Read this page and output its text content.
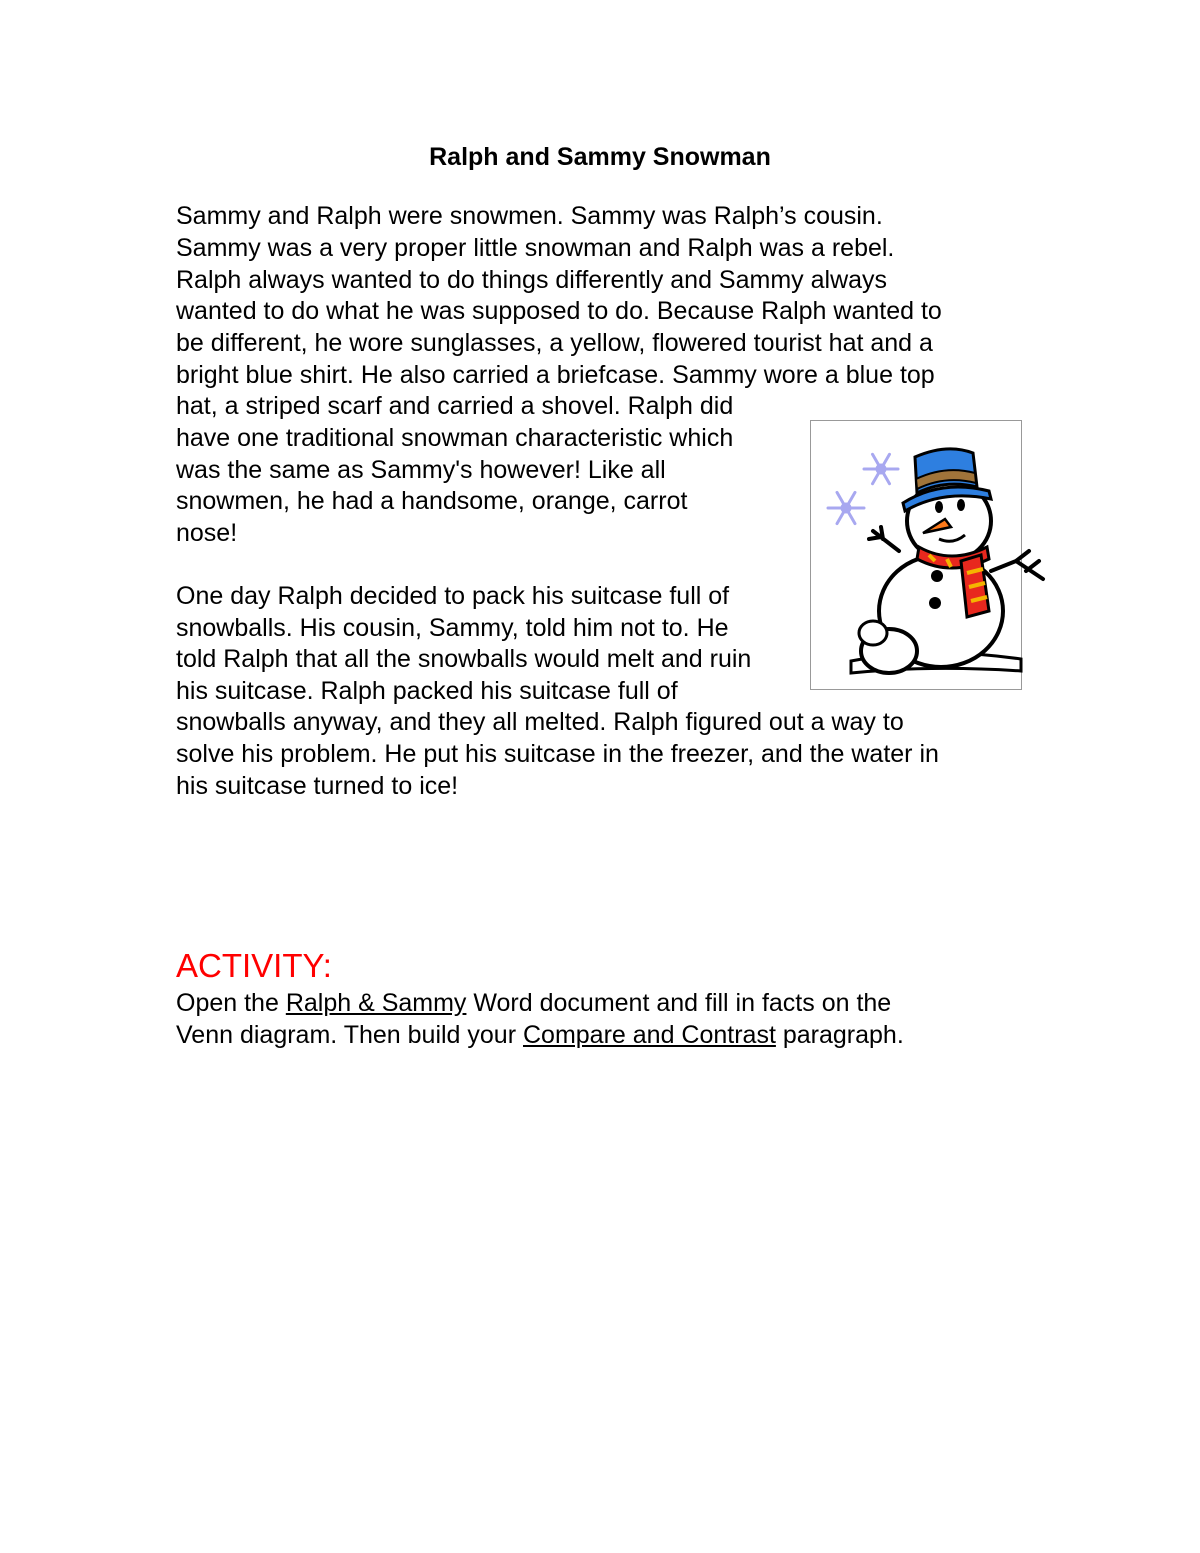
Ralph and Sammy Snowman
Sammy and Ralph were snowmen. Sammy was Ralph’s cousin.
Sammy was a very proper little snowman and Ralph was a rebel.
Ralph always wanted to do things differently and Sammy always
wanted to do what he was supposed to do. Because Ralph wanted to
be different, he wore sunglasses, a yellow, flowered tourist hat and a
bright blue shirt. He also carried a briefcase. Sammy wore a blue top
hat, a striped scarf and carried a shovel. Ralph did
have one traditional snowman characteristic which
was the same as Sammy's however! Like all
snowmen, he had a handsome, orange, carrot
nose!
One day Ralph decided to pack his suitcase full of
snowballs. His cousin, Sammy, told him not to. He
told Ralph that all the snowballs would melt and ruin
his suitcase. Ralph packed his suitcase full of
snowballs anyway, and they all melted. Ralph figured out a way to
solve his problem. He put his suitcase in the freezer, and the water in
his suitcase turned to ice!
ACTIVITY:
Open the Ralph & Sammy Word document and fill in facts on the
Venn diagram. Then build your Compare and Contrast paragraph.
